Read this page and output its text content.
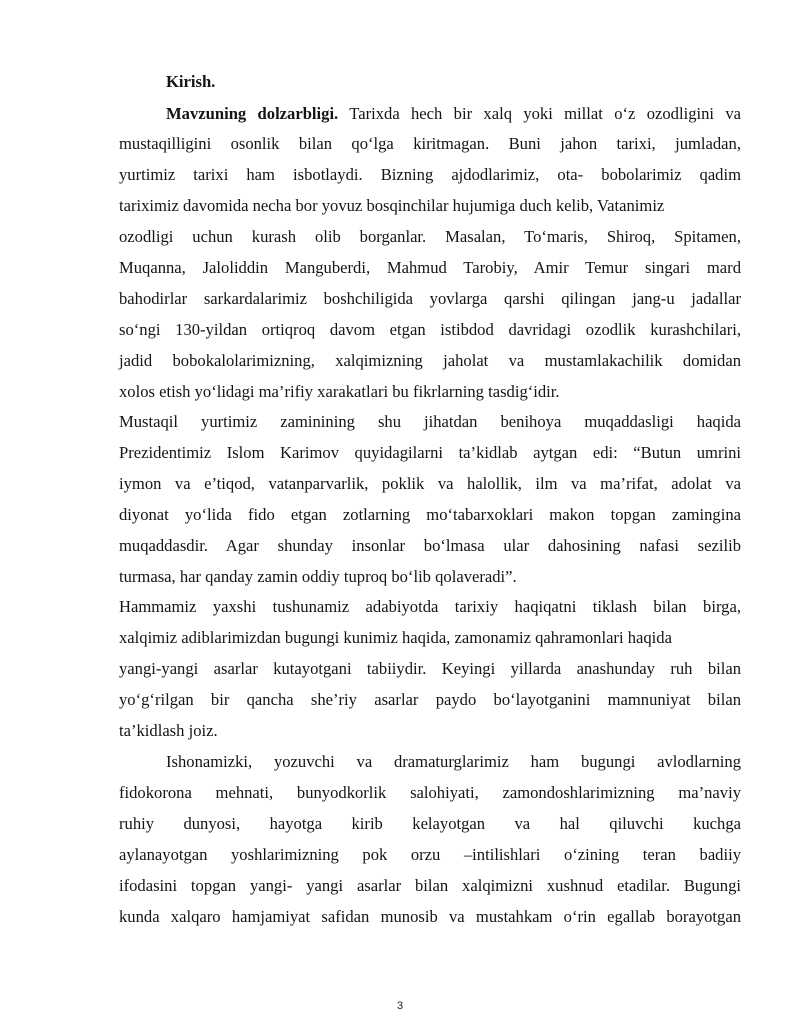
Kirish.
Mavzuning dolzarbligi. Tarixda hech bir xalq yoki millat o‘z ozodligini va
mustaqilligini osonlik bilan qo‘lga kiritmagan. Buni jahon tarixi, jumladan,
yurtimiz tarixi ham isbotlaydi. Bizning ajdodlarimiz, ota- bobolarimiz qadim
tariximiz davomida necha bor yovuz bosqinchilar hujumiga duch kelib, Vatanimiz
ozodligi uchun kurash olib borganlar. Masalan, To‘maris, Shiroq, Spitamen,
Muqanna, Jaloliddin Manguberdi, Mahmud Tarobiy, Amir Temur singari mard
bahodirlar sarkardalarimiz boshchiligida yovlarga qarshi qilingan jang-u jadallar
so‘ngi 130-yildan ortiqroq davom etgan istibdod davridagi ozodlik kurashchilari,
jadid bobokalolarimizning, xalqimizning jaholat va mustamlakachilik domidan
xolos etish yo‘lidagi ma’rifiy xarakatlari bu fikrlarning tasdig‘idir.
Mustaqil yurtimiz zaminining shu jihatdan benihoya muqaddasligi haqida
Prezidentimiz Islom Karimov quyidagilarni ta’kidlab aytgan edi: “Butun umrini
iymon va e’tiqod, vatanparvarlik, poklik va halollik, ilm va ma’rifat, adolat va
diyonat yo‘lida fido etgan zotlarning mo‘tabarxoklari makon topgan zamingina
muqaddasdir. Agar shunday insonlar bo‘lmasa ular dahosining nafasi sezilib
turmasa, har qanday zamin oddiy tuproq bo‘lib qolaveradi”.
Hammamiz yaxshi tushunamiz adabiyotda tarixiy haqiqatni tiklash bilan birga,
xalqimiz adiblarimizdan bugungi kunimiz haqida, zamonamiz qahramonlari haqida
yangi-yangi asarlar kutayotgani tabiiydir. Keyingi yillarda anashunday ruh bilan
yo‘g‘rilgan bir qancha she’riy asarlar paydo bo‘layotganini mamnuniyat bilan
ta’kidlash joiz.
Ishonamizki, yozuvchi va dramaturglarimiz ham bugungi avlodlarning
fidokorona mehnati, bunyodkorlik salohiyati, zamondoshlarimizning ma’naviy
ruhiy dunyosi, hayotga kirib kelayotgan va hal qiluvchi kuchga
aylanayotgan yoshlarimizning pok orzu –intilishlari o‘zining teran badiiy
ifodasini topgan yangi- yangi asarlar bilan xalqimizni xushnud etadilar. Bugungi
kunda xalqaro hamjamiyat safidan munosib va mustahkam o‘rin egallab borayotgan
3
